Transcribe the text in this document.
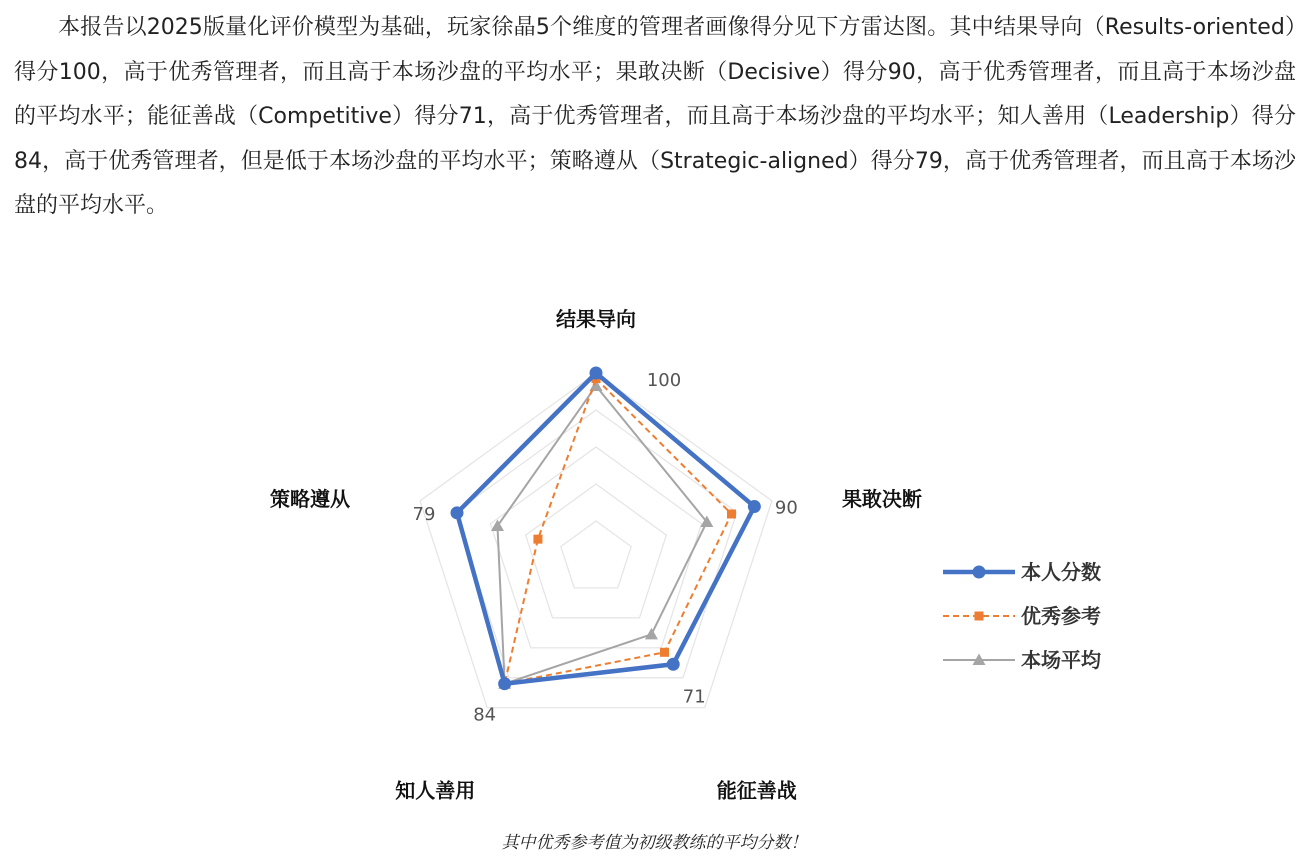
本报告以2025版量化评价模型为基础，玩家徐晶5个维度的管理者画像得分见下方雷达图。其中结果导向（Results-oriented）得分100，高于优秀管理者，而且高于本场沙盘的平均水平；果敢决断（Decisive）得分90，高于优秀管理者，而且高于本场沙盘的平均水平；能征善战（Competitive）得分71，高于优秀管理者，而且高于本场沙盘的平均水平；知人善用（Leadership）得分84，高于优秀管理者，但是低于本场沙盘的平均水平；策略遵从（Strategic-aligned）得分79，高于优秀管理者，而且高于本场沙盘的平均水平。

结果导向
果敢决断
能征善战
知人善用
策略遵从
100
90
71
84
79
本人分数
优秀参考
本场平均
其中优秀参考值为初级教练的平均分数！
